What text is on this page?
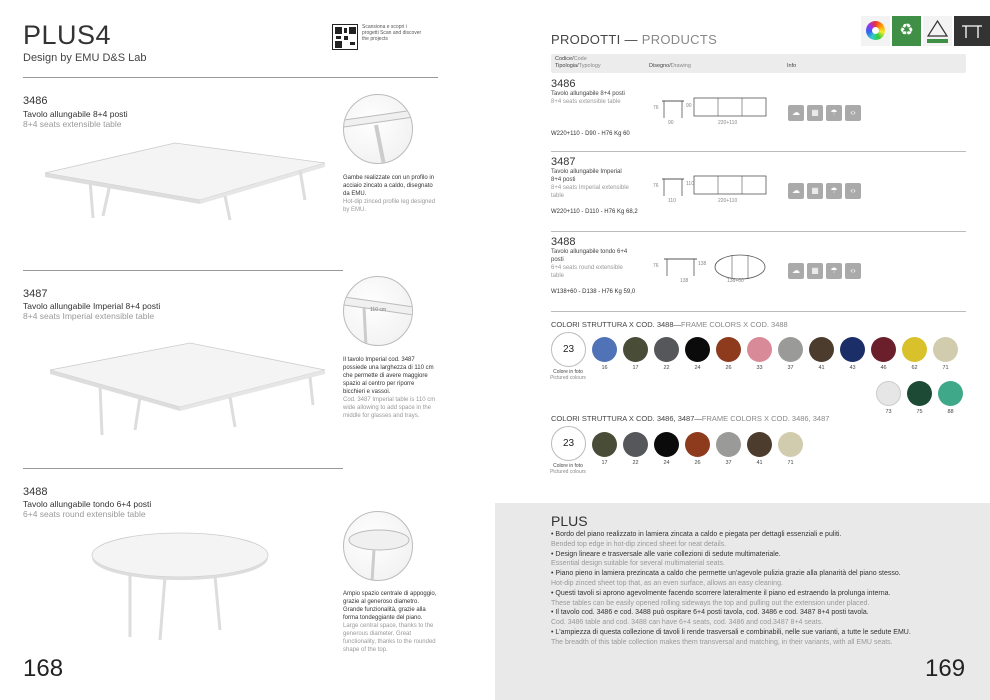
PLUS4
Design by EMU D&S Lab
Scansiona e scopri i progetti Scan and discover the projects
3486
Tavolo allungabile 8+4 posti
8+4 seats extensible table
Gambe realizzate con un profilo in acciaio zincato a caldo, disegnato da EMU.
Hot-dip zinced profile leg designed by EMU.
3487
Tavolo allungabile Imperial 8+4 posti
8+4 seats Imperial extensible table
110 cm
Il tavolo Imperial cod. 3487 possiede una larghezza di 110 cm che permette di avere maggiore spazio al centro per riporre bicchieri e vassoi.
Cod. 3487 Imperial table is 110 cm wide allowing to add space in the middle for glasses and trays.
3488
Tavolo allungabile tondo 6+4 posti
6+4 seats round extensible table
Ampio spazio centrale di appoggio, grazie al generoso diametro. Grande funzionalità, grazie alla forma tondeggiante del piano.
Large central space, thanks to the generous diameter. Great functionality, thanks to the rounded shape of the top.
168
PRODOTTI — PRODUCTS
♻
Codice/Code
Tipologia/Typology	Disegno/Drawing	Info
3486
Tavolo allungabile 8+4 posti
8+4 seats extensible table
W220+110 - D90 - H76 Kg 60
76
90
90
220+110
☁ ▦ ☂ ‹›
3487
Tavolo allungabile Imperial 8+4 posti
8+4 seats Imperial extensible table
W220+110 - D110 - H76 Kg 68,2
76
110
110
220+110
☁ ▦ ☂ ‹›
3488
Tavolo allungabile tondo 6+4 posti
6+4 seats round extensible table
W138+60 - D138 - H76 Kg 59,0
76
138
138
138+60
☁ ▦ ☂ ‹›
COLORI STRUTTURA X COD. 3488—FRAME COLORS X COD. 3488
23
Colore in foto
Pictured colours
16	17	22	24	26	33	37	41	43	46	62	71
73	75	88
COLORI STRUTTURA X COD. 3486, 3487—FRAME COLORS X COD. 3486, 3487
23
Colore in foto
Pictured colours
17	22	24	26	37	41	71
PLUS
• Bordo del piano realizzato in lamiera zincata a caldo e piegata per dettagli essenziali e puliti.
Bended top edge in hot-dip zinced sheet for neat details.
• Design lineare e trasversale alle varie collezioni di sedute multimateriale.
Essential design suitable for several multimaterial seats.
• Piano pieno in lamiera prezincata a caldo che permette un'agevole pulizia grazie alla planarità del piano stesso.
Hot-dip zinced sheet top that, as an even surface, allows an easy cleaning.
• Questi tavoli si aprono agevolmente facendo scorrere lateralmente il piano ed estraendo la prolunga interna.
These tables can be easily opened rolling sideways the top and pulling out the extension under placed.
• Il tavolo cod. 3486 e cod. 3488 può ospitare 6+4 posti tavola, cod. 3486 e cod. 3487 8+4 posti tavola.
Cod. 3486 table and cod. 3488 can have 6+4 seats, cod. 3486 and cod.3487 8+4 seats.
• L'ampiezza di questa collezione di tavoli li rende trasversali e combinabili, nelle sue varianti, a tutte le sedute EMU.
The breadth of this table collection makes them transversal and matching, in their variants, with all EMU seats.
169
